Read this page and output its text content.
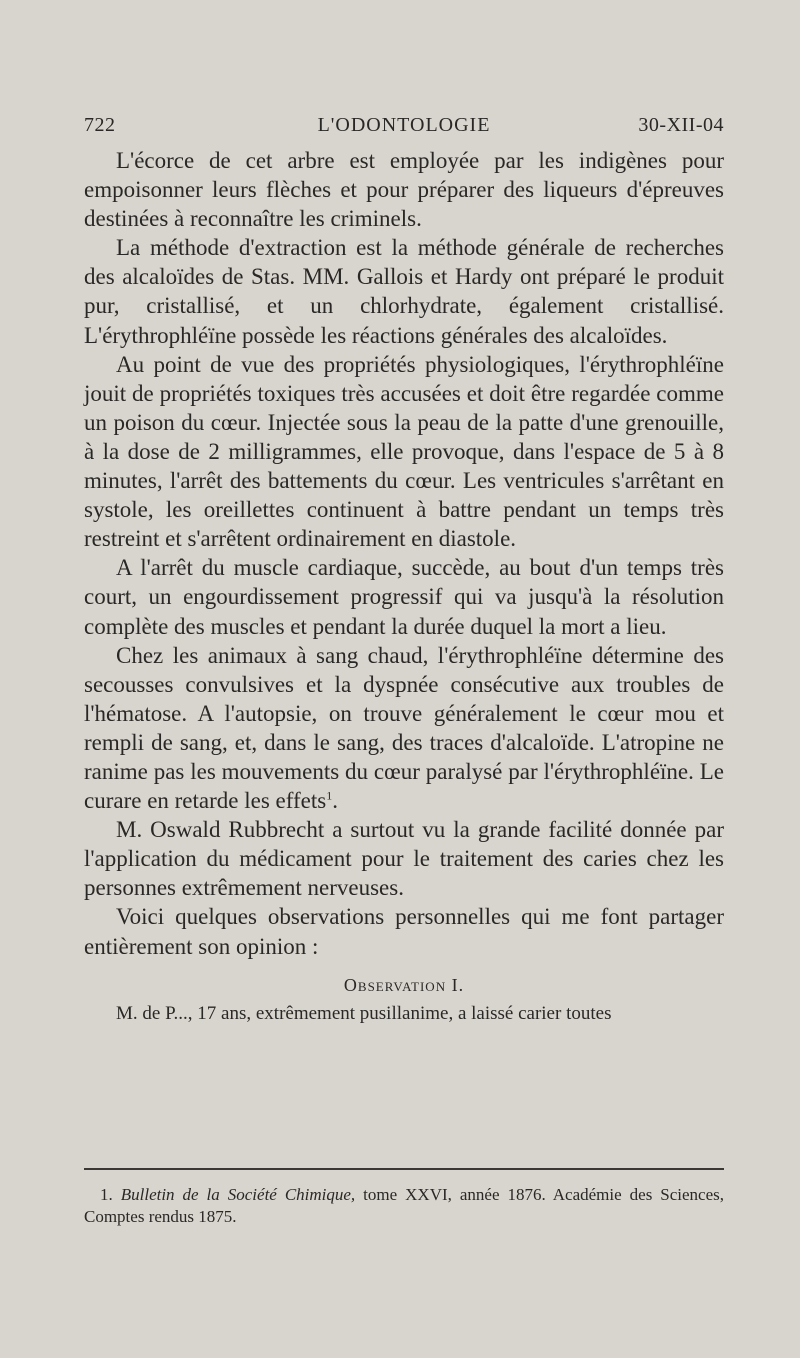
722	L'ODONTOLOGIE	30-XII-04

L'écorce de cet arbre est employée par les indigènes pour empoisonner leurs flèches et pour préparer des liqueurs d'épreuves destinées à reconnaître les criminels.

La méthode d'extraction est la méthode générale de recherches des alcaloïdes de Stas. MM. Gallois et Hardy ont préparé le produit pur, cristallisé, et un chlorhydrate, également cristallisé. L'érythrophléïne possède les réactions générales des alcaloïdes.

Au point de vue des propriétés physiologiques, l'érythrophléïne jouit de propriétés toxiques très accusées et doit être regardée comme un poison du cœur. Injectée sous la peau de la patte d'une grenouille, à la dose de 2 milligrammes, elle provoque, dans l'espace de 5 à 8 minutes, l'arrêt des battements du cœur. Les ventricules s'arrêtant en systole, les oreillettes continuent à battre pendant un temps très restreint et s'arrêtent ordinairement en diastole.

A l'arrêt du muscle cardiaque, succède, au bout d'un temps très court, un engourdissement progressif qui va jusqu'à la résolution complète des muscles et pendant la durée duquel la mort a lieu.

Chez les animaux à sang chaud, l'érythrophléïne détermine des secousses convulsives et la dyspnée consécutive aux troubles de l'hématose. A l'autopsie, on trouve généralement le cœur mou et rempli de sang, et, dans le sang, des traces d'alcaloïde. L'atropine ne ranime pas les mouvements du cœur paralysé par l'érythrophléïne. Le curare en retarde les effets$^1$.

M. Oswald Rubbrecht a surtout vu la grande facilité donnée par l'application du médicament pour le traitement des caries chez les personnes extrêmement nerveuses.

Voici quelques observations personnelles qui me font partager entièrement son opinion :

Observation I.

M. de P..., 17 ans, extrêmement pusillanime, a laissé carier toutes

1. Bulletin de la Société Chimique, tome XXVI, année 1876. Académie des Sciences, Comptes rendus 1875.
